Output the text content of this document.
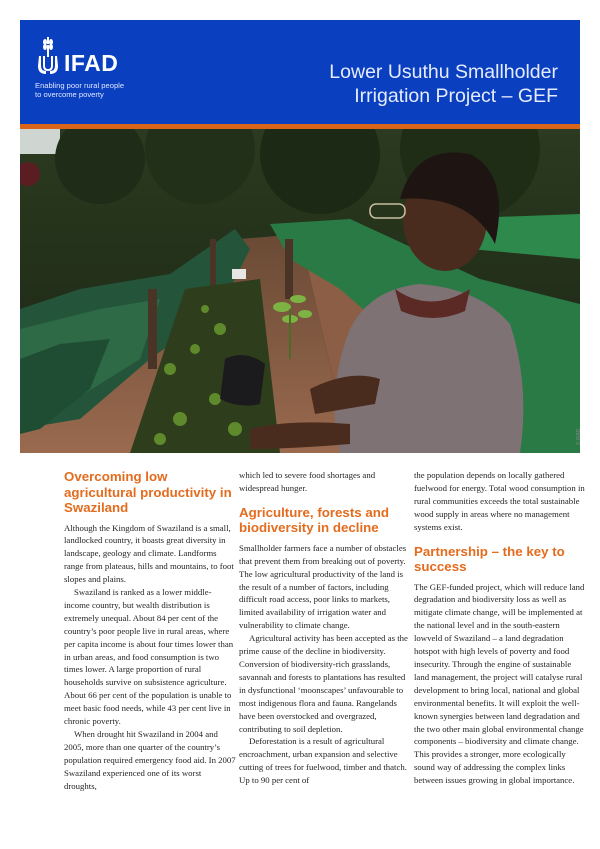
IFAD
Enabling poor rural people
to overcome poverty
Lower Usuthu Smallholder
Irrigation Project – GEF
© IFAD
Overcoming low agricultural productivity in Swaziland

Although the Kingdom of Swaziland is a small, landlocked country, it boasts great diversity in landscape, geology and climate. Landforms range from plateaus, hills and mountains, to foot slopes and plains.

Swaziland is ranked as a lower middle-income country, but wealth distribution is extremely unequal. About 84 per cent of the country’s poor people live in rural areas, where per capita income is about four times lower than in urban areas, and food consumption is two times lower. A large proportion of rural households survive on subsistence agriculture. About 66 per cent of the population is unable to meet basic food needs, while 43 per cent live in chronic poverty.

When drought hit Swaziland in 2004 and 2005, more than one quarter of the country’s population required emergency food aid. In 2007 Swaziland experienced one of its worst droughts,

which led to severe food shortages and widespread hunger.

Agriculture, forests and biodiversity in decline

Smallholder farmers face a number of obstacles that prevent them from breaking out of poverty. The low agricultural productivity of the land is the result of a number of factors, including difficult road access, poor links to markets, limited availability of irrigation water and vulnerability to climate change.

Agricultural activity has been accepted as the prime cause of the decline in biodiversity. Conversion of biodiversity-rich grasslands, savannah and forests to plantations has resulted in dysfunctional ‘moonscapes’ unfavourable to most indigenous flora and fauna. Rangelands have been overstocked and overgrazed, contributing to soil depletion.

Deforestation is a result of agricultural encroachment, urban expansion and selective cutting of trees for fuelwood, timber and thatch. Up to 90 per cent of

the population depends on locally gathered fuelwood for energy. Total wood consumption in rural communities exceeds the total sustainable wood supply in areas where no management systems exist.

Partnership – the key to success

The GEF-funded project, which will reduce land degradation and biodiversity loss as well as mitigate climate change, will be implemented at the national level and in the south-eastern lowveld of Swaziland – a land degradation hotspot with high levels of poverty and food insecurity. Through the engine of sustainable land management, the project will catalyse rural development to bring local, national and global environmental benefits. It will exploit the well-known synergies between land degradation and the two other main global environmental change components – biodiversity and climate change. This provides a stronger, more ecologically sound way of addressing the complex links between issues growing in global importance.
